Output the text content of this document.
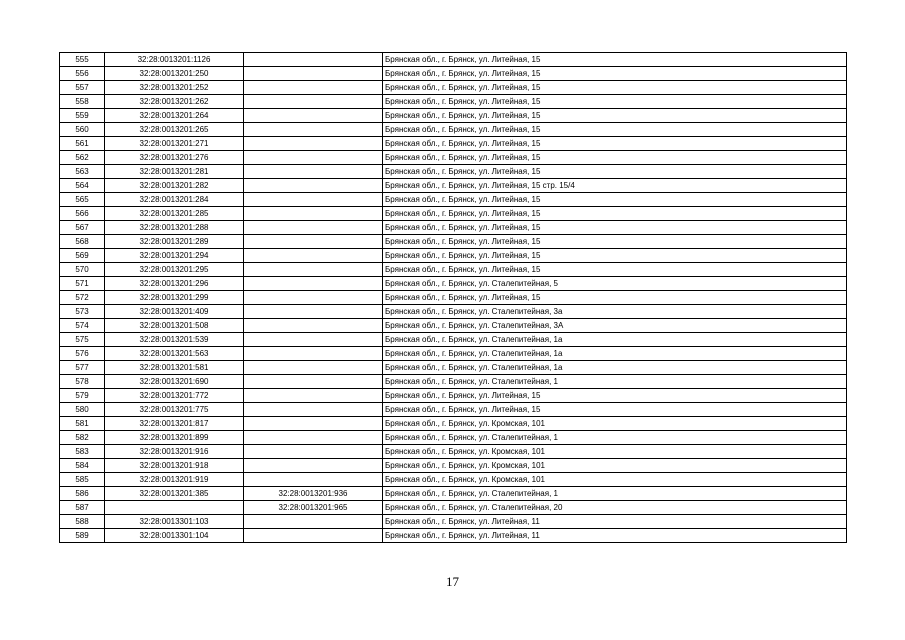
555	32:28:0013201:1126		Брянская обл., г. Брянск, ул. Литейная, 15
556	32:28:0013201:250		Брянская обл., г. Брянск, ул. Литейная, 15
557	32:28:0013201:252		Брянская обл., г. Брянск, ул. Литейная, 15
558	32:28:0013201:262		Брянская обл., г. Брянск, ул. Литейная, 15
559	32:28:0013201:264		Брянская обл., г. Брянск, ул. Литейная, 15
560	32:28:0013201:265		Брянская обл., г. Брянск, ул. Литейная, 15
561	32:28:0013201:271		Брянская обл., г. Брянск, ул. Литейная, 15
562	32:28:0013201:276		Брянская обл., г. Брянск, ул. Литейная, 15
563	32:28:0013201:281		Брянская обл., г. Брянск, ул. Литейная, 15
564	32:28:0013201:282		Брянская обл., г. Брянск, ул. Литейная, 15 стр. 15/4
565	32:28:0013201:284		Брянская обл., г. Брянск, ул. Литейная, 15
566	32:28:0013201:285		Брянская обл., г. Брянск, ул. Литейная, 15
567	32:28:0013201:288		Брянская обл., г. Брянск, ул. Литейная, 15
568	32:28:0013201:289		Брянская обл., г. Брянск, ул. Литейная, 15
569	32:28:0013201:294		Брянская обл., г. Брянск, ул. Литейная, 15
570	32:28:0013201:295		Брянская обл., г. Брянск, ул. Литейная, 15
571	32:28:0013201:296		Брянская обл., г. Брянск, ул. Сталепитейная, 5
572	32:28:0013201:299		Брянская обл., г. Брянск, ул. Литейная, 15
573	32:28:0013201:409		Брянская обл., г. Брянск, ул. Сталепитейная, 3а
574	32:28:0013201:508		Брянская обл., г. Брянск, ул. Сталепитейная, 3А
575	32:28:0013201:539		Брянская обл., г. Брянск, ул. Сталепитейная, 1а
576	32:28:0013201:563		Брянская обл., г. Брянск, ул. Сталепитейная, 1а
577	32:28:0013201:581		Брянская обл., г. Брянск, ул. Сталепитейная, 1а
578	32:28:0013201:690		Брянская обл., г. Брянск, ул. Сталепитейная, 1
579	32:28:0013201:772		Брянская обл., г. Брянск, ул. Литейная, 15
580	32:28:0013201:775		Брянская обл., г. Брянск, ул. Литейная, 15
581	32:28:0013201:817		Брянская обл., г. Брянск, ул. Кромская, 101
582	32:28:0013201:899		Брянская обл., г. Брянск, ул. Сталепитейная, 1
583	32:28:0013201:916		Брянская обл., г. Брянск, ул. Кромская, 101
584	32:28:0013201:918		Брянская обл., г. Брянск, ул. Кромская, 101
585	32:28:0013201:919		Брянская обл., г. Брянск, ул. Кромская, 101
586	32:28:0013201:385	32:28:0013201:936	Брянская обл., г. Брянск, ул. Сталепитейная, 1
587		32:28:0013201:965	Брянская обл., г. Брянск, ул. Сталепитейная, 20
588	32:28:0013301:103		Брянская обл., г. Брянск, ул. Литейная, 11
589	32:28:0013301:104		Брянская обл., г. Брянск, ул. Литейная, 11
17
